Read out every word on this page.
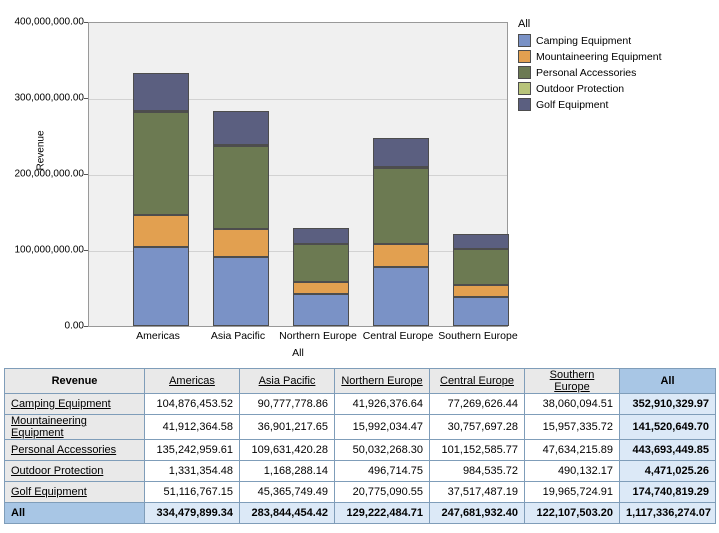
Revenue
400,000,000.00
300,000,000.00
200,000,000.00
100,000,000.00
0.00
Americas	Asia Pacific	Northern Europe Central Europe Southern Europe
All
All
Camping Equipment
Mountaineering Equipment
Personal Accessories
Outdoor Protection
Golf Equipment
Revenue	Americas	Asia Pacific	Northern Europe	Central Europe	Southern Europe	All
Camping Equipment	104,876,453.52	90,777,778.86	41,926,376.64	77,269,626.44	38,060,094.51	352,910,329.97
Mountaineering Equipment	41,912,364.58	36,901,217.65	15,992,034.47	30,757,697.28	15,957,335.72	141,520,649.70
Personal Accessories	135,242,959.61	109,631,420.28	50,032,268.30	101,152,585.77	47,634,215.89	443,693,449.85
Outdoor Protection	1,331,354.48	1,168,288.14	496,714.75	984,535.72	490,132.17	4,471,025.26
Golf Equipment	51,116,767.15	45,365,749.49	20,775,090.55	37,517,487.19	19,965,724.91	174,740,819.29
All	334,479,899.34	283,844,454.42	129,222,484.71	247,681,932.40	122,107,503.20	1,117,336,274.07
